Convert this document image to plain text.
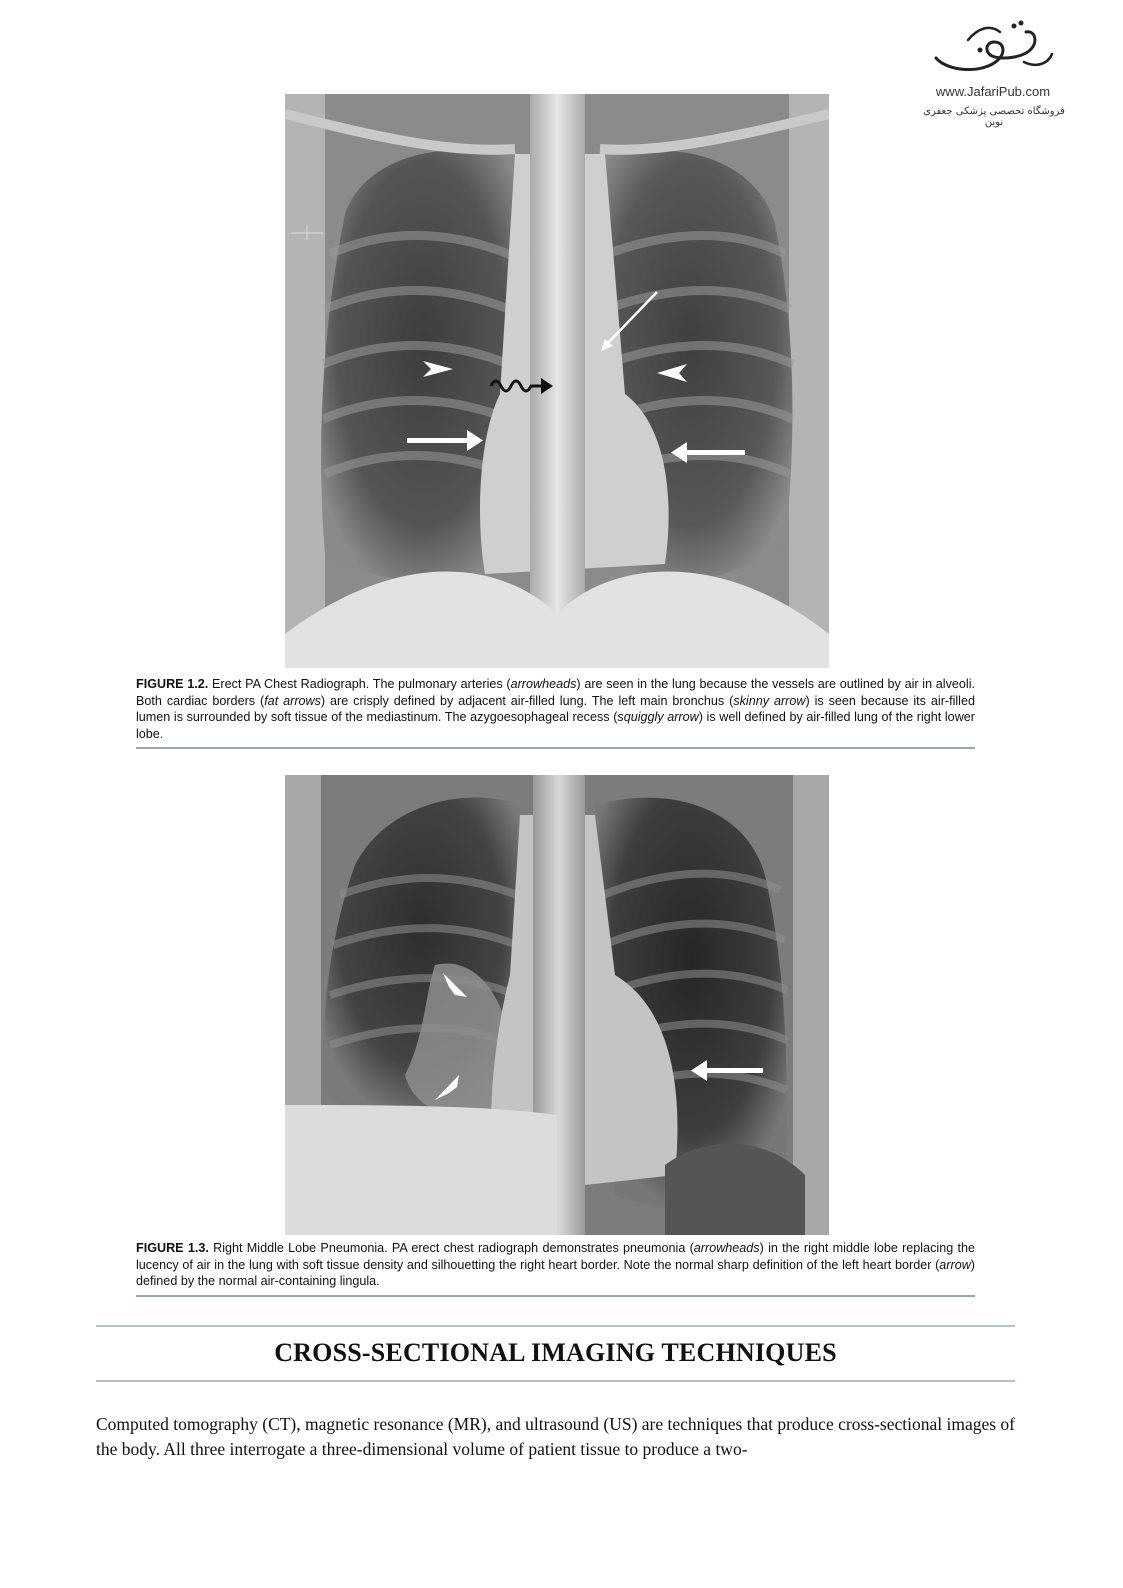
www.JafariPub.com
فروشگاه تخصصی پزشکی جعفری نوین
FIGURE 1.2. Erect PA Chest Radiograph. The pulmonary arteries (arrowheads) are seen in the lung because the vessels are outlined by air in alveoli. Both cardiac borders (fat arrows) are crisply defined by adjacent air-filled lung. The left main bronchus (skinny arrow) is seen because its air-filled lumen is surrounded by soft tissue of the mediastinum. The azygoesophageal recess (squiggly arrow) is well defined by air-filled lung of the right lower lobe.
FIGURE 1.3. Right Middle Lobe Pneumonia. PA erect chest radiograph demonstrates pneumonia (arrowheads) in the right middle lobe replacing the lucency of air in the lung with soft tissue density and silhouetting the right heart border. Note the normal sharp definition of the left heart border (arrow) defined by the normal air-containing lingula.
CROSS-SECTIONAL IMAGING TECHNIQUES
Computed tomography (CT), magnetic resonance (MR), and ultrasound (US) are techniques that produce cross-sectional images of the body. All three interrogate a three-dimensional volume of patient tissue to produce a two-
